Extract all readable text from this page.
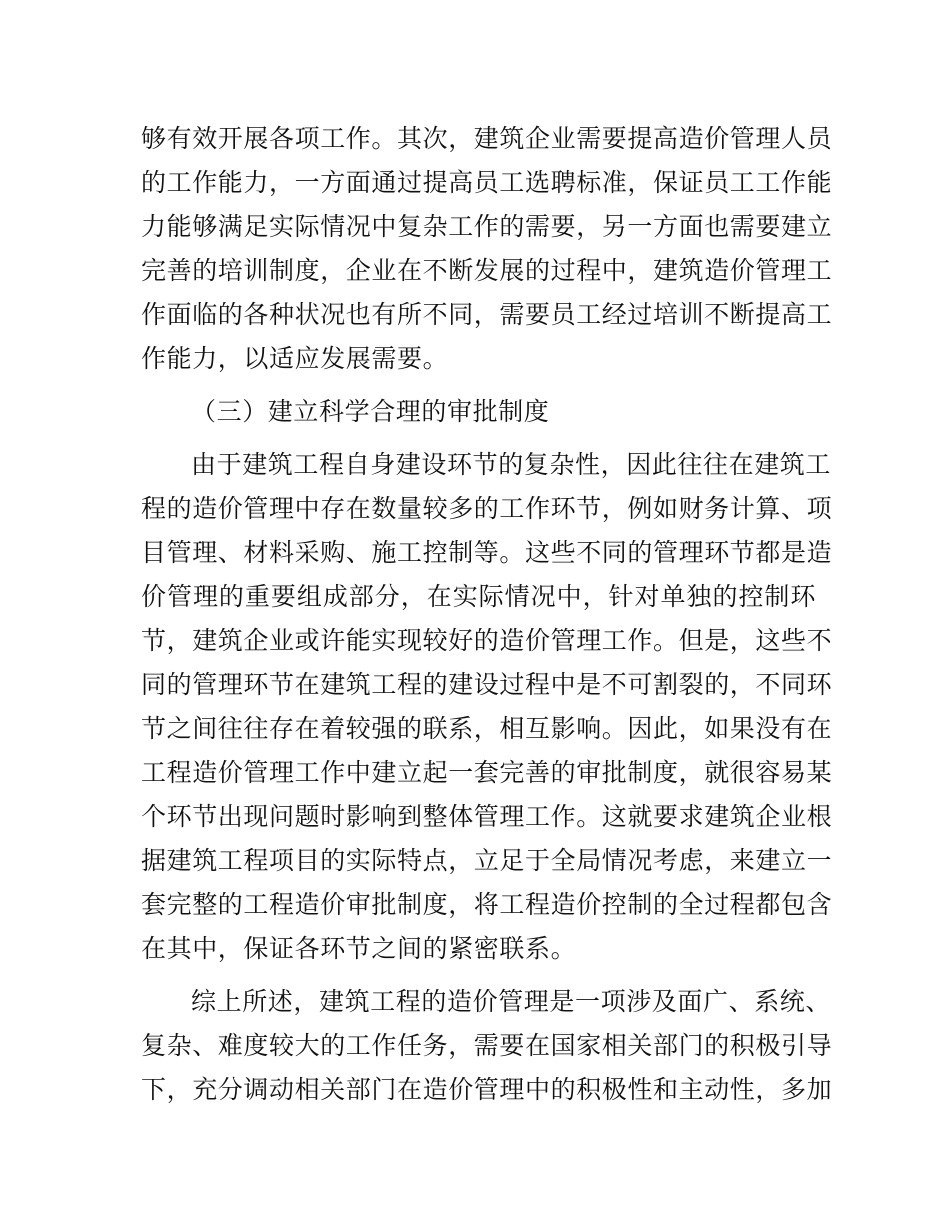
够有效开展各项工作。其次，建筑企业需要提高造价管理人员
的工作能力，一方面通过提高员工选聘标准，保证员工工作能
力能够满足实际情况中复杂工作的需要，另一方面也需要建立
完善的培训制度，企业在不断发展的过程中，建筑造价管理工
作面临的各种状况也有所不同，需要员工经过培训不断提高工
作能力，以适应发展需要。
（三）建立科学合理的审批制度
由于建筑工程自身建设环节的复杂性，因此往往在建筑工
程的造价管理中存在数量较多的工作环节，例如财务计算、项
目管理、材料采购、施工控制等。这些不同的管理环节都是造
价管理的重要组成部分，在实际情况中，针对单独的控制环
节，建筑企业或许能实现较好的造价管理工作。但是，这些不
同的管理环节在建筑工程的建设过程中是不可割裂的，不同环
节之间往往存在着较强的联系，相互影响。因此，如果没有在
工程造价管理工作中建立起一套完善的审批制度，就很容易某
个环节出现问题时影响到整体管理工作。这就要求建筑企业根
据建筑工程项目的实际特点，立足于全局情况考虑，来建立一
套完整的工程造价审批制度，将工程造价控制的全过程都包含
在其中，保证各环节之间的紧密联系。
综上所述，建筑工程的造价管理是一项涉及面广、系统、
复杂、难度较大的工作任务，需要在国家相关部门的积极引导
下，充分调动相关部门在造价管理中的积极性和主动性，多加
